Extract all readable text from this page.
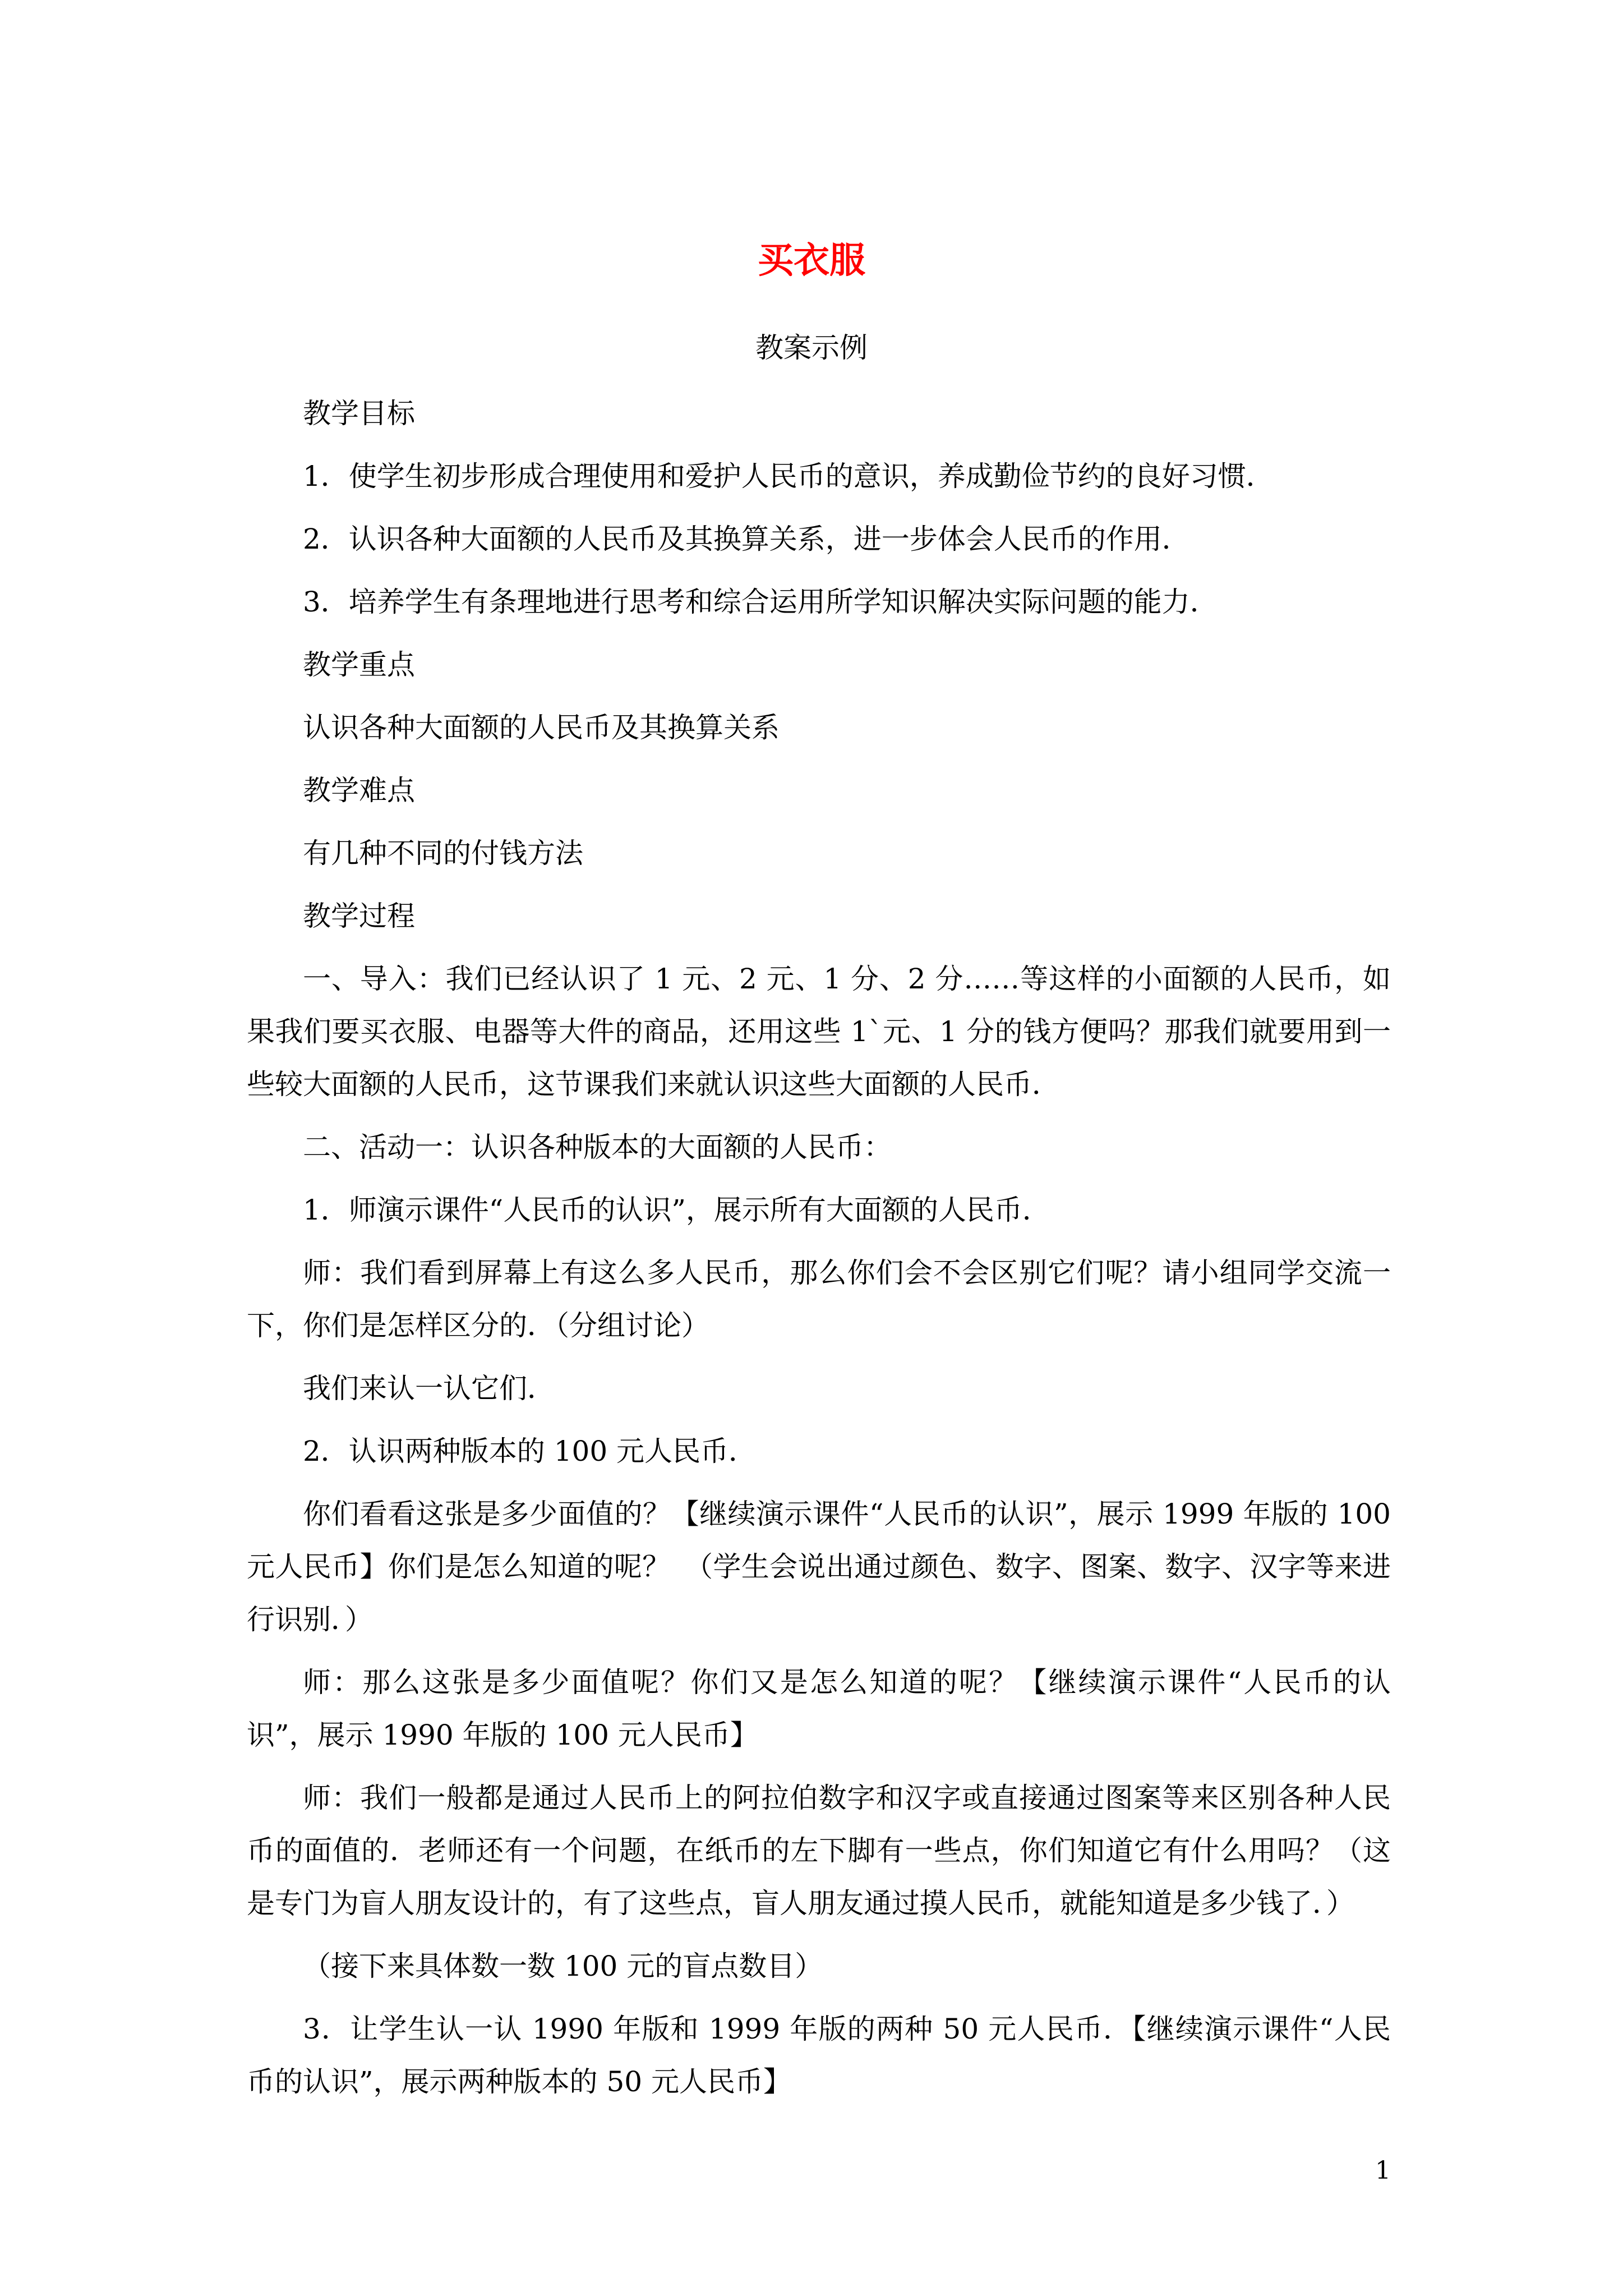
买衣服
教案示例

教学目标

1．使学生初步形成合理使用和爱护人民币的意识，养成勤俭节约的良好习惯．

2．认识各种大面额的人民币及其换算关系，进一步体会人民币的作用．

3．培养学生有条理地进行思考和综合运用所学知识解决实际问题的能力．

教学重点

认识各种大面额的人民币及其换算关系

教学难点

有几种不同的付钱方法

教学过程

一、导入：我们已经认识了 1 元、2 元、1 分、2 分……等这样的小面额的人民币，如果我们要买衣服、电器等大件的商品，还用这些 1`元、1 分的钱方便吗？那我们就要用到一些较大面额的人民币，这节课我们来就认识这些大面额的人民币．

二、活动一：认识各种版本的大面额的人民币：

1．师演示课件“人民币的认识”，展示所有大面额的人民币．

师：我们看到屏幕上有这么多人民币，那么你们会不会区别它们呢？请小组同学交流一下，你们是怎样区分的．（分组讨论）

我们来认一认它们．

2．认识两种版本的 100 元人民币．

你们看看这张是多少面值的？【继续演示课件“人民币的认识”，展示 1999 年版的 100 元人民币】你们是怎么知道的呢？　（学生会说出通过颜色、数字、图案、数字、汉字等来进行识别．）

师：那么这张是多少面值呢？你们又是怎么知道的呢？【继续演示课件“人民币的认识”，展示 1990 年版的 100 元人民币】

师：我们一般都是通过人民币上的阿拉伯数字和汉字或直接通过图案等来区别各种人民币的面值的．老师还有一个问题，在纸币的左下脚有一些点，你们知道它有什么用吗？（这是专门为盲人朋友设计的，有了这些点，盲人朋友通过摸人民币，就能知道是多少钱了．）

（接下来具体数一数 100 元的盲点数目）

3．让学生认一认 1990 年版和 1999 年版的两种 50 元人民币．【继续演示课件“人民币的认识”，展示两种版本的 50 元人民币】

1
